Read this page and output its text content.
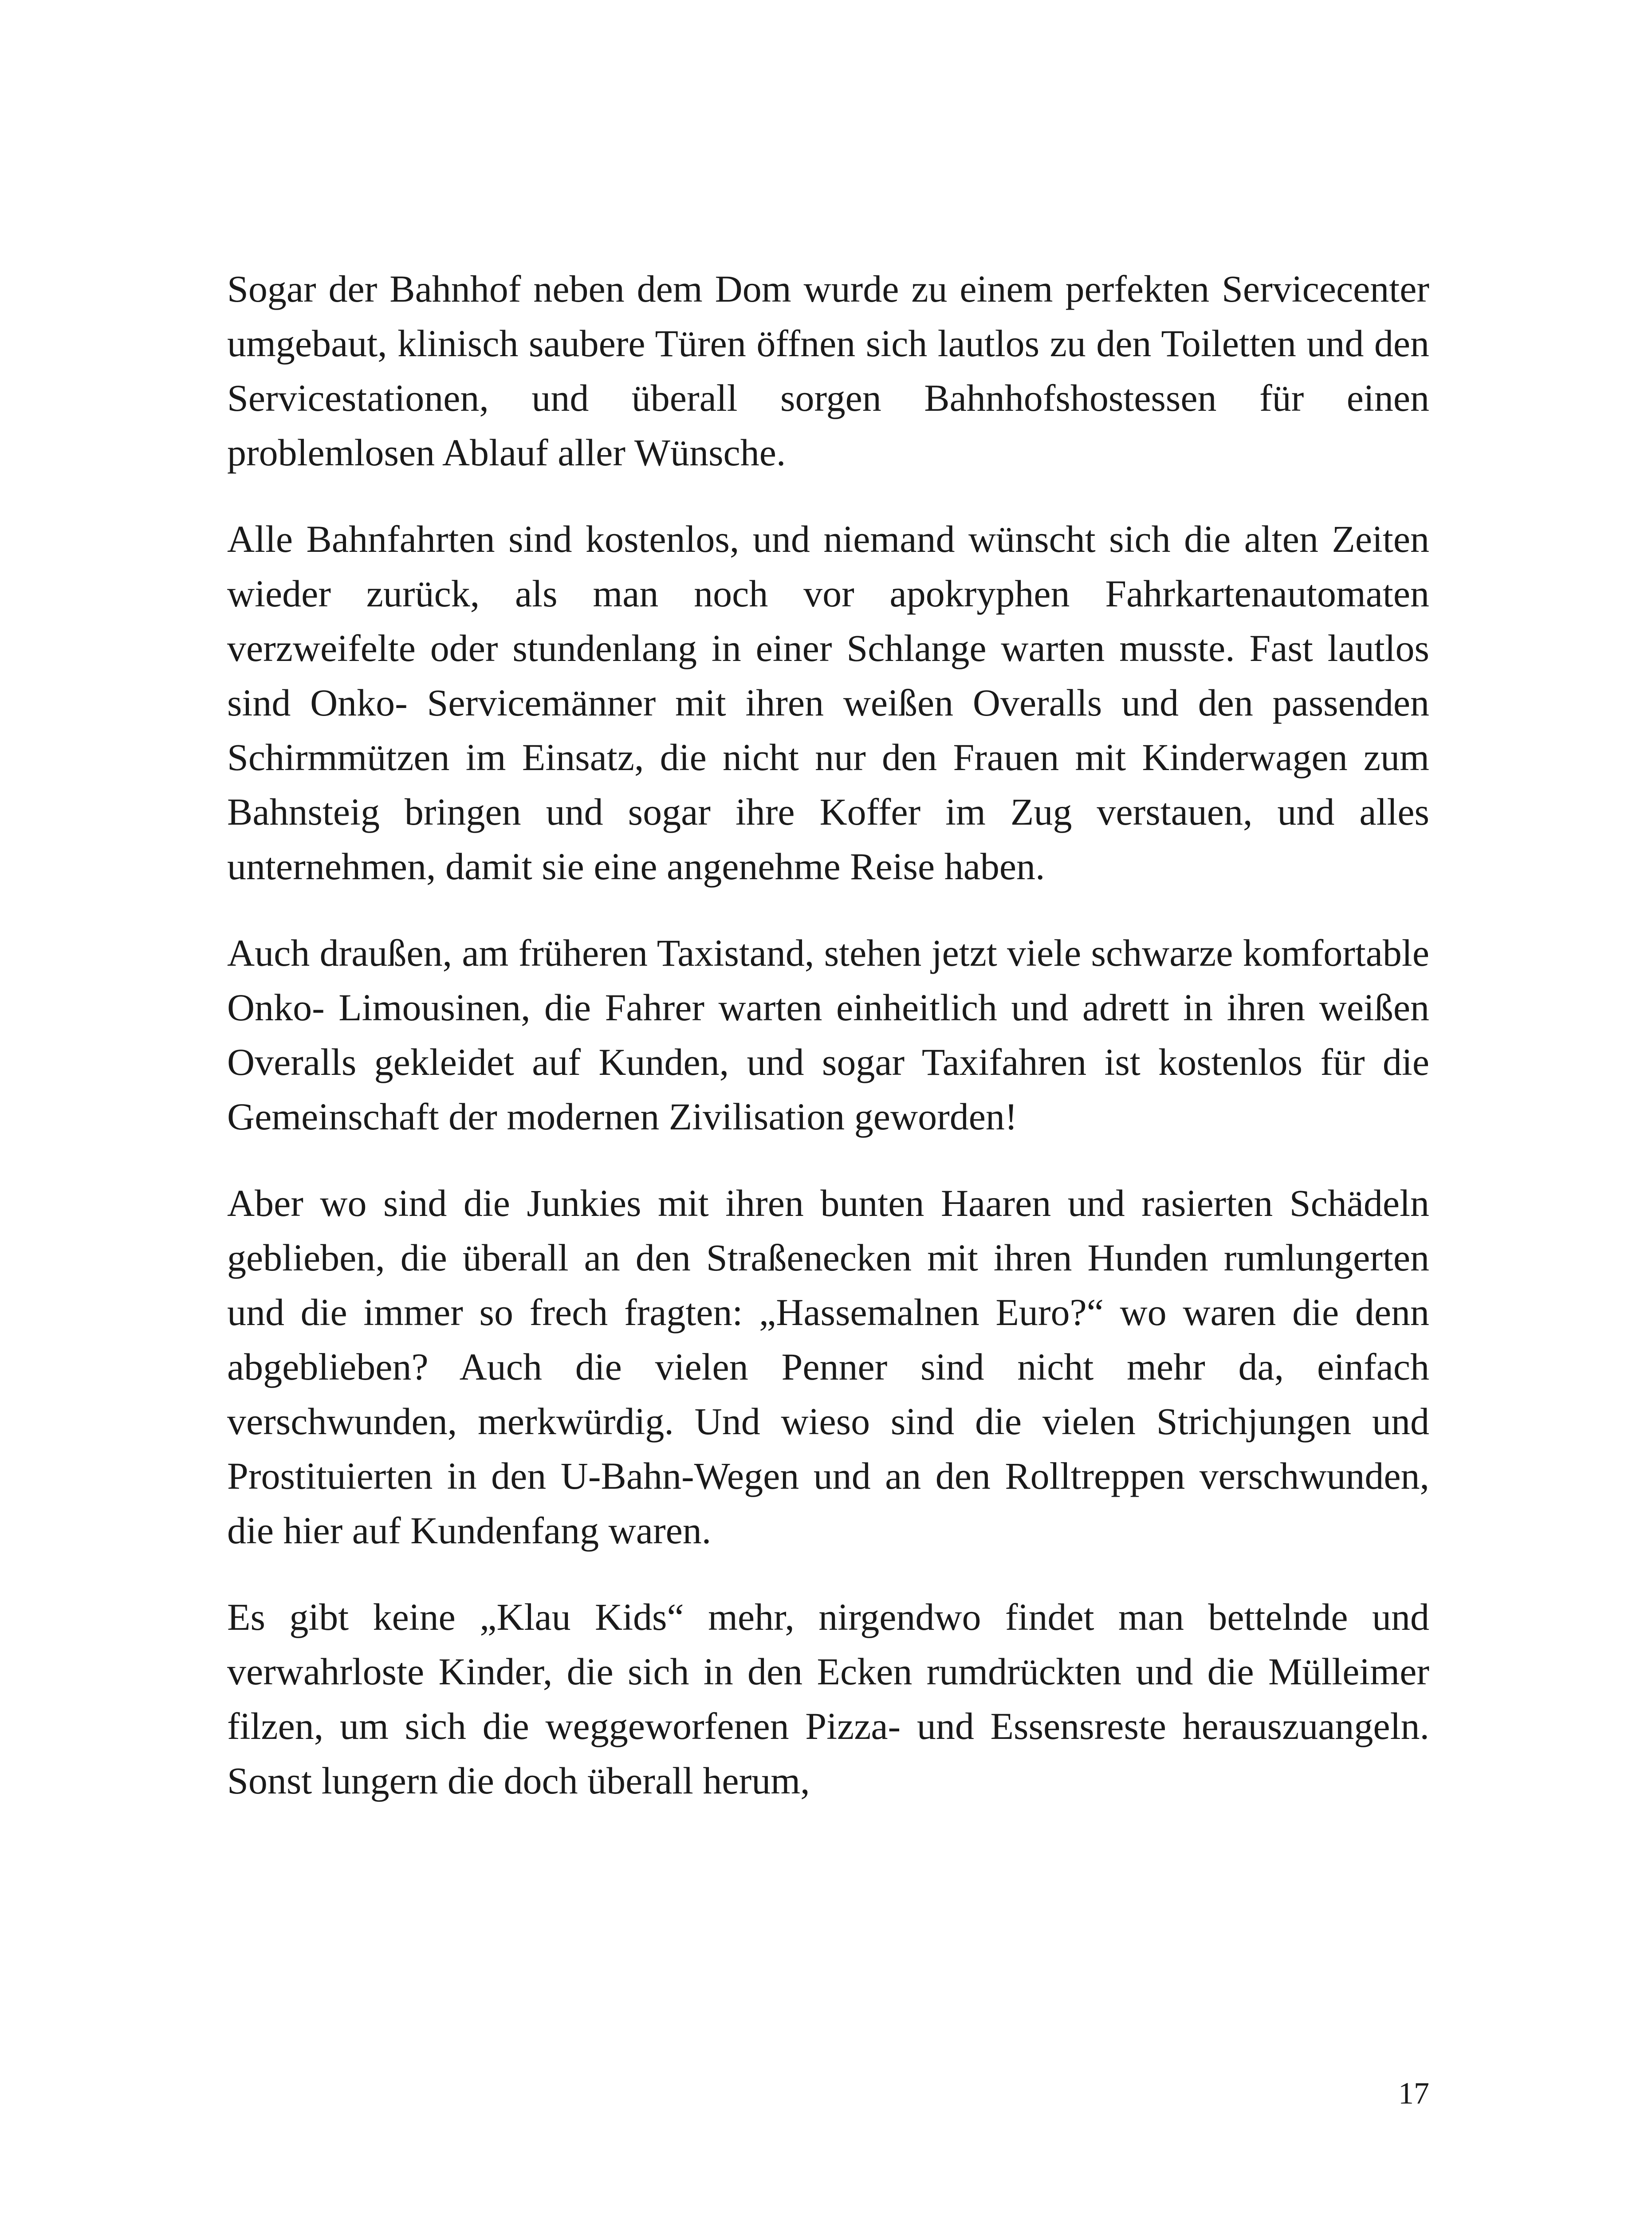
Sogar der Bahnhof neben dem Dom wurde zu einem perfekten Servicecenter umgebaut, klinisch saubere Türen öffnen sich lautlos zu den Toiletten und den Servicestationen, und überall sorgen Bahnhofshostessen für einen problemlosen Ablauf aller Wünsche.

Alle Bahnfahrten sind kostenlos, und niemand wünscht sich die alten Zeiten wieder zurück, als man noch vor apokryphen Fahrkartenautomaten verzweifelte oder stundenlang in einer Schlange warten musste. Fast lautlos sind Onko- Servicemänner mit ihren weißen Overalls und den passenden Schirmmützen im Einsatz, die nicht nur den Frauen mit Kinderwagen zum Bahnsteig bringen und sogar ihre Koffer im Zug verstauen, und alles unternehmen, damit sie eine angenehme Reise haben.

Auch draußen, am früheren Taxistand, stehen jetzt viele schwarze komfortable Onko- Limousinen, die Fahrer warten einheitlich und adrett in ihren weißen Overalls gekleidet auf Kunden, und sogar Taxifahren ist kostenlos für die Gemeinschaft der modernen Zivilisation geworden!

Aber wo sind die Junkies mit ihren bunten Haaren und rasierten Schädeln geblieben, die überall an den Straßenecken mit ihren Hunden rumlungerten und die immer so frech fragten: „Hassemalnen Euro?“ wo waren die denn abgeblieben? Auch die vielen Penner sind nicht mehr da, einfach verschwunden, merkwürdig. Und wieso sind die vielen Strichjungen und Prostituierten in den U-Bahn-Wegen und an den Rolltreppen verschwunden, die hier auf Kundenfang waren.

Es gibt keine „Klau Kids“ mehr, nirgendwo findet man bettelnde und verwahrloste Kinder, die sich in den Ecken rumdrückten und die Mülleimer filzen, um sich die weggeworfenen Pizza- und Essensreste herauszuangeln. Sonst lungern die doch überall herum,

17
